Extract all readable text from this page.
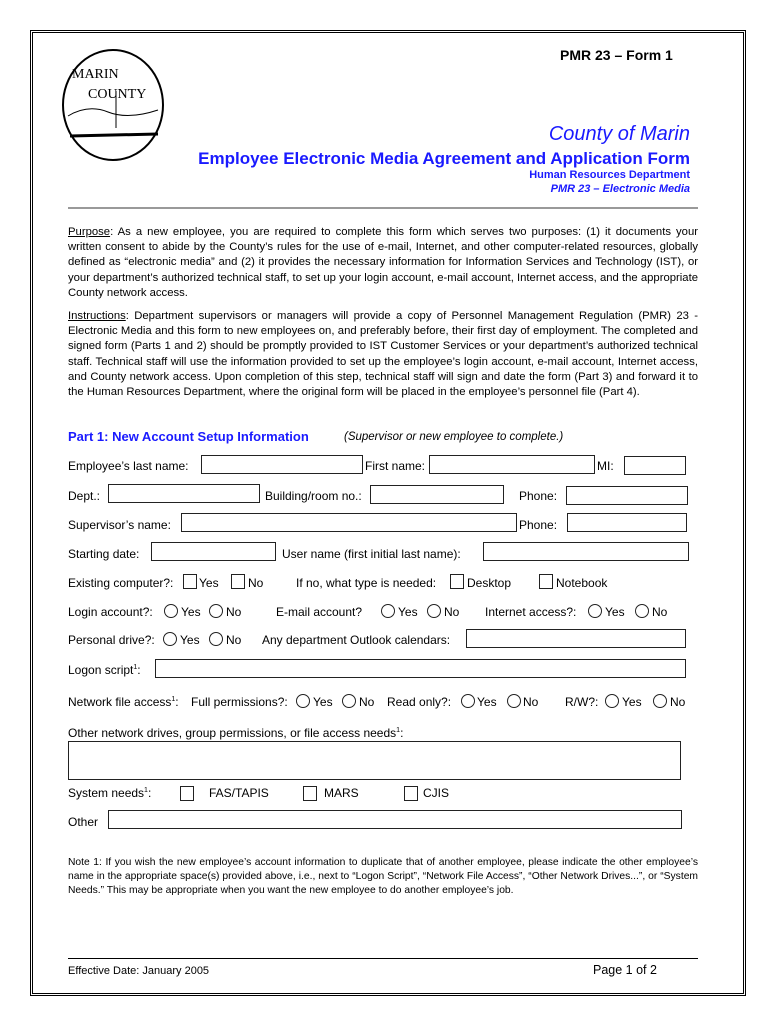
PMR 23 – Form 1
MARIN
COUNTY
County of Marin
Employee Electronic Media Agreement and Application Form
Human Resources Department
PMR 23 – Electronic Media

Purpose: As a new employee, you are required to complete this form which serves two purposes: (1) it documents your written consent to abide by the County’s rules for the use of e-mail, Internet, and other computer-related resources, globally defined as “electronic media” and (2) it provides the necessary information for Information Services and Technology (IST), or your department’s authorized technical staff, to set up your login account, e-mail account, Internet access, and the appropriate County network access.

Instructions: Department supervisors or managers will provide a copy of Personnel Management Regulation (PMR) 23 - Electronic Media and this form to new employees on, and preferably before, their first day of employment. The completed and signed form (Parts 1 and 2) should be promptly provided to IST Customer Services or your department’s authorized technical staff. Technical staff will use the information provided to set up the employee’s login account, e-mail account, Internet access, and County network access. Upon completion of this step, technical staff will sign and date the form (Part 3) and forward it to the Human Resources Department, where the original form will be placed in the employee’s personnel file (Part 4).

Part 1: New Account Setup Information	(Supervisor or new employee to complete.)
Employee’s last name:	First name:	MI:
Dept.:	Building/room no.:	Phone:
Supervisor’s name:	Phone:
Starting date:	User name (first initial last name):
Existing computer?: Yes No	If no, what type is needed:	Desktop	Notebook
Login account?: Yes No	E-mail account?	Yes No Internet access?: Yes No
Personal drive?: Yes No Any department Outlook calendars:
Logon script$^1$:
Network file access$^1$: Full permissions?: Yes No Read only?: Yes No R/W?: Yes No
Other network drives, group permissions, or file access needs$^1$:
System needs$^1$:	FAS/TAPIS	MARS	CJIS
Other

Note 1: If you wish the new employee’s account information to duplicate that of another employee, please indicate the other employee’s name in the appropriate space(s) provided above, i.e., next to “Logon Script”, “Network File Access”, “Other Network Drives...”, or “System Needs.” This may be appropriate when you want the new employee to do another employee’s job.

Effective Date: January 2005	Page 1 of 2
